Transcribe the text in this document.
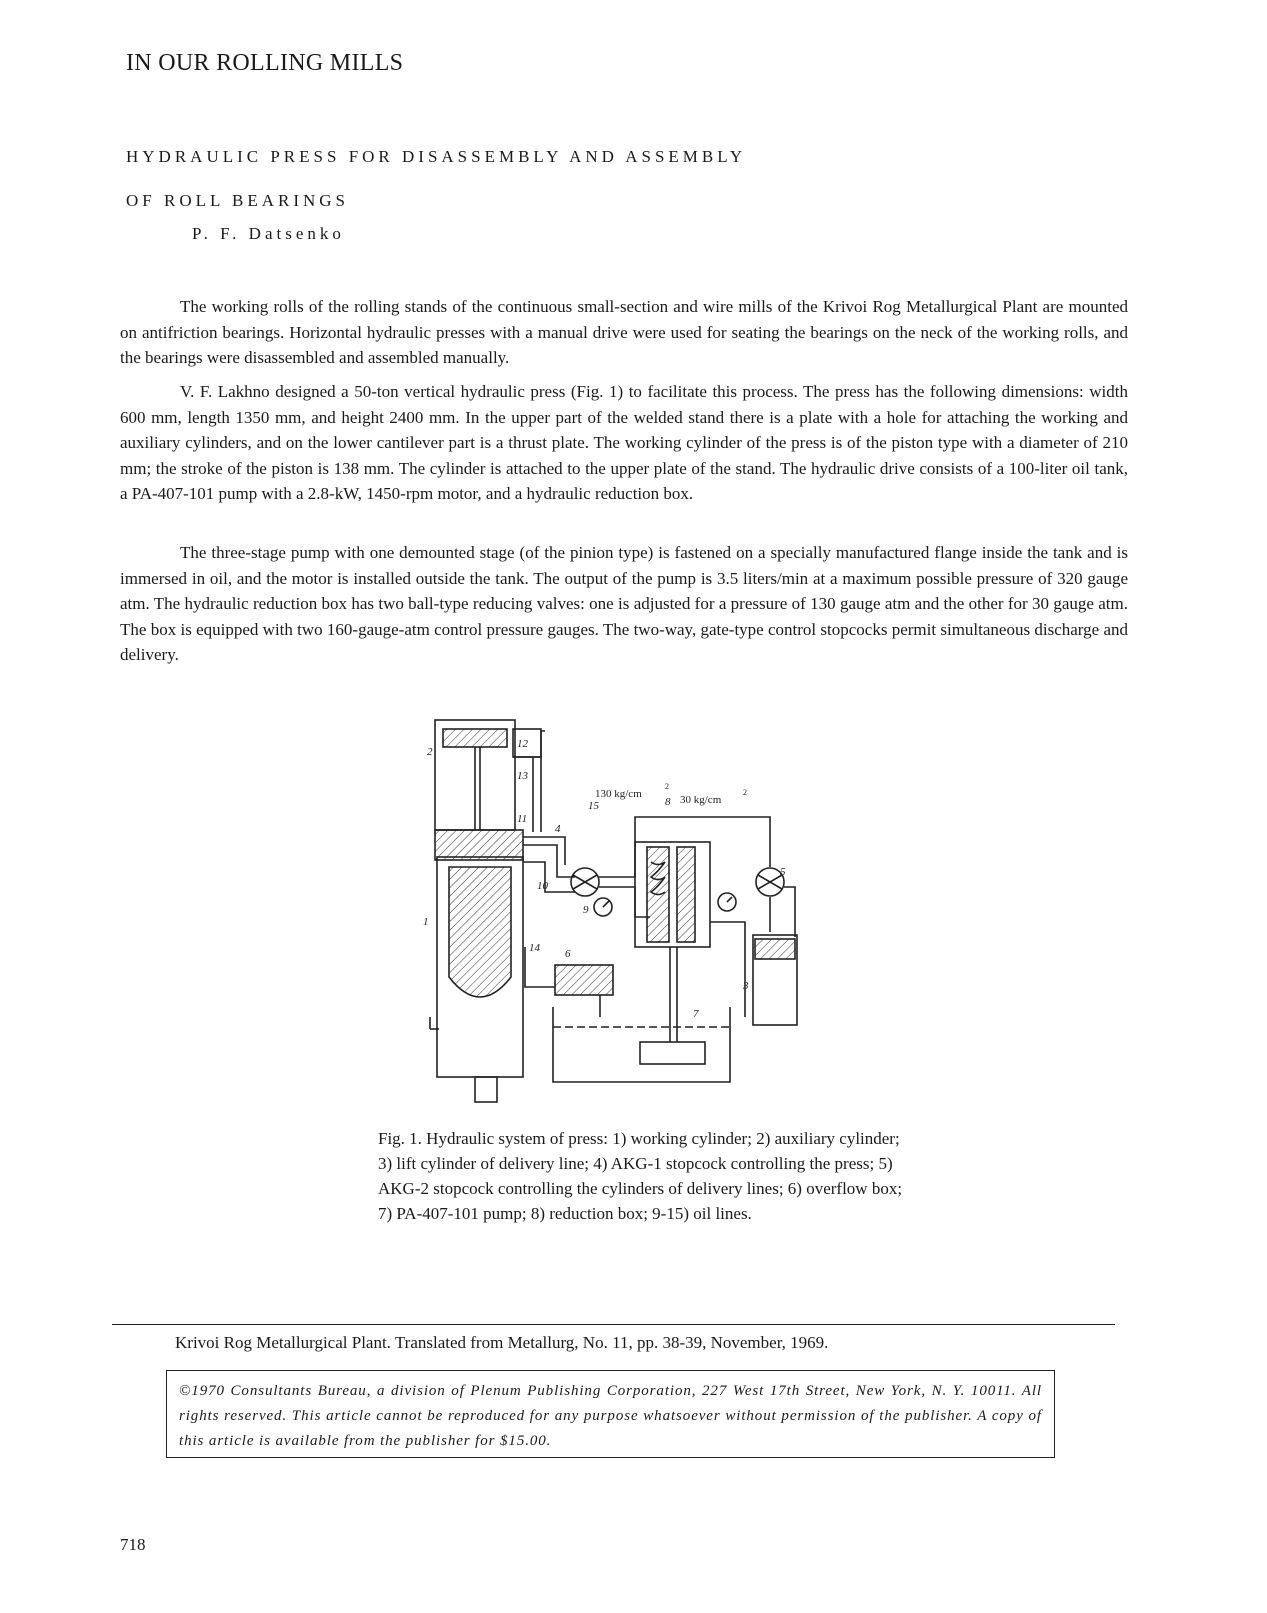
IN OUR ROLLING MILLS
HYDRAULIC PRESS FOR DISASSEMBLY AND ASSEMBLY
OF ROLL BEARINGS
P. F. Datsenko

The working rolls of the rolling stands of the continuous small-section and wire mills of the Krivoi Rog Metallurgical Plant are mounted on antifriction bearings. Horizontal hydraulic presses with a manual drive were used for seating the bearings on the neck of the working rolls, and the bearings were disassembled and assembled manually.

V. F. Lakhno designed a 50-ton vertical hydraulic press (Fig. 1) to facilitate this process. The press has the following dimensions: width 600 mm, length 1350 mm, and height 2400 mm. In the upper part of the welded stand there is a plate with a hole for attaching the working and auxiliary cylinders, and on the lower cantilever part is a thrust plate. The working cylinder of the press is of the piston type with a diameter of 210 mm; the stroke of the piston is 138 mm. The cylinder is attached to the upper plate of the stand. The hydraulic drive consists of a 100-liter oil tank, a PA-407-101 pump with a 2.8-kW, 1450-rpm motor, and a hydraulic reduction box.

The three-stage pump with one demounted stage (of the pinion type) is fastened on a specially manufactured flange inside the tank and is immersed in oil, and the motor is installed outside the tank. The output of the pump is 3.5 liters/min at a maximum possible pressure of 320 gauge atm. The hydraulic reduction box has two ball-type reducing valves: one is adjusted for a pressure of 130 gauge atm and the other for 30 gauge atm. The box is equipped with two 160-gauge-atm control pressure gauges. The two-way, gate-type control stopcocks permit simultaneous discharge and delivery.

1
2
3
4
5
6
7
8
9
10
11
12
13
14
15
130 kg/cm
2
30 kg/cm
2

Fig. 1. Hydraulic system of press: 1) working cylinder; 2) auxiliary cylinder; 3) lift cylinder of delivery line; 4) AKG-1 stopcock controlling the press; 5) AKG-2 stopcock controlling the cylinders of delivery lines; 6) overflow box; 7) PA-407-101 pump; 8) reduction box; 9-15) oil lines.

Krivoi Rog Metallurgical Plant. Translated from Metallurg, No. 11, pp. 38-39, November, 1969.

©1970 Consultants Bureau, a division of Plenum Publishing Corporation, 227 West 17th Street, New York, N. Y. 10011. All rights reserved. This article cannot be reproduced for any purpose whatsoever without permission of the publisher. A copy of this article is available from the publisher for $15.00.
718
